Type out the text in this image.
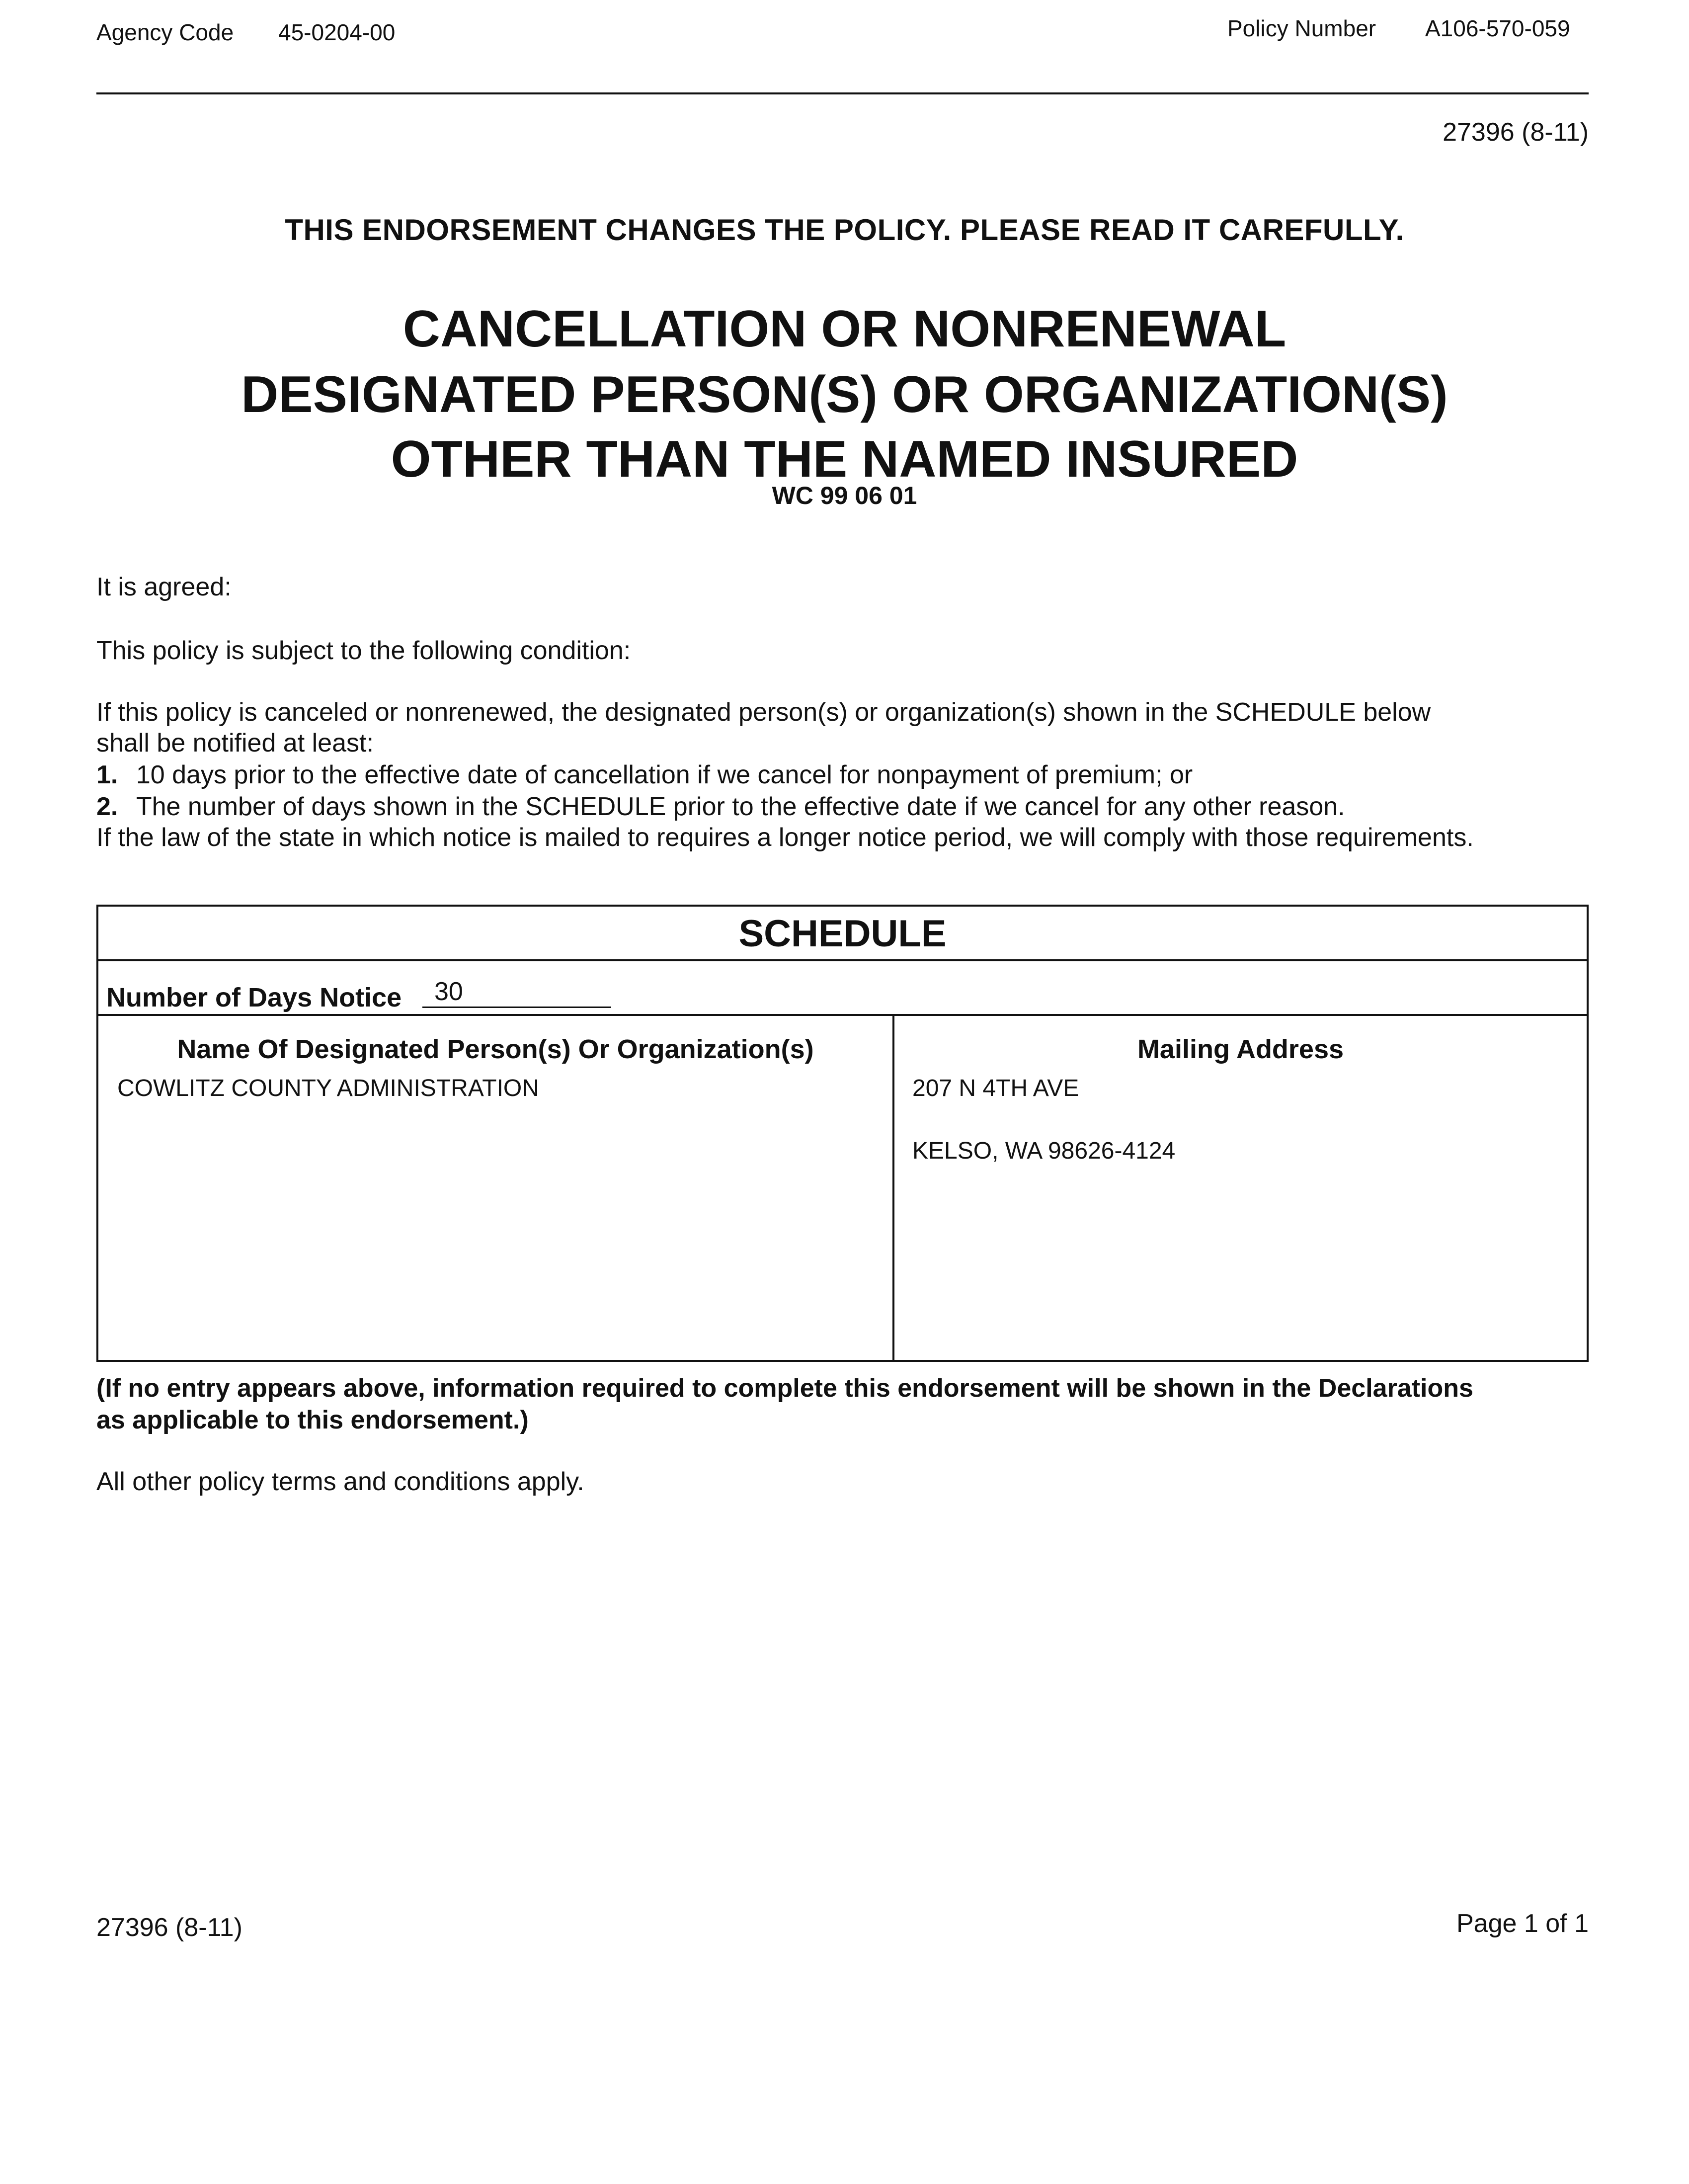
Agency Code 45-0204-00	Policy Number A106-570-059
27396 (8-11)
THIS ENDORSEMENT CHANGES THE POLICY. PLEASE READ IT CAREFULLY.
CANCELLATION OR NONRENEWAL
DESIGNATED PERSON(S) OR ORGANIZATION(S)
OTHER THAN THE NAMED INSURED
WC 99 06 01
It is agreed:
This policy is subject to the following condition:
If this policy is canceled or nonrenewed, the designated person(s) or organization(s) shown in the SCHEDULE below
shall be notified at least:
1. 10 days prior to the effective date of cancellation if we cancel for nonpayment of premium; or
2. The number of days shown in the SCHEDULE prior to the effective date if we cancel for any other reason.
If the law of the state in which notice is mailed to requires a longer notice period, we will comply with those requirements.
SCHEDULE
Number of Days Notice	30
Name Of Designated Person(s) Or Organization(s)	Mailing Address
COWLITZ COUNTY ADMINISTRATION	207 N 4TH AVE
KELSO, WA 98626-4124
(If no entry appears above, information required to complete this endorsement will be shown in the Declarations
as applicable to this endorsement.)
All other policy terms and conditions apply.
27396 (8-11)	Page 1 of 1
